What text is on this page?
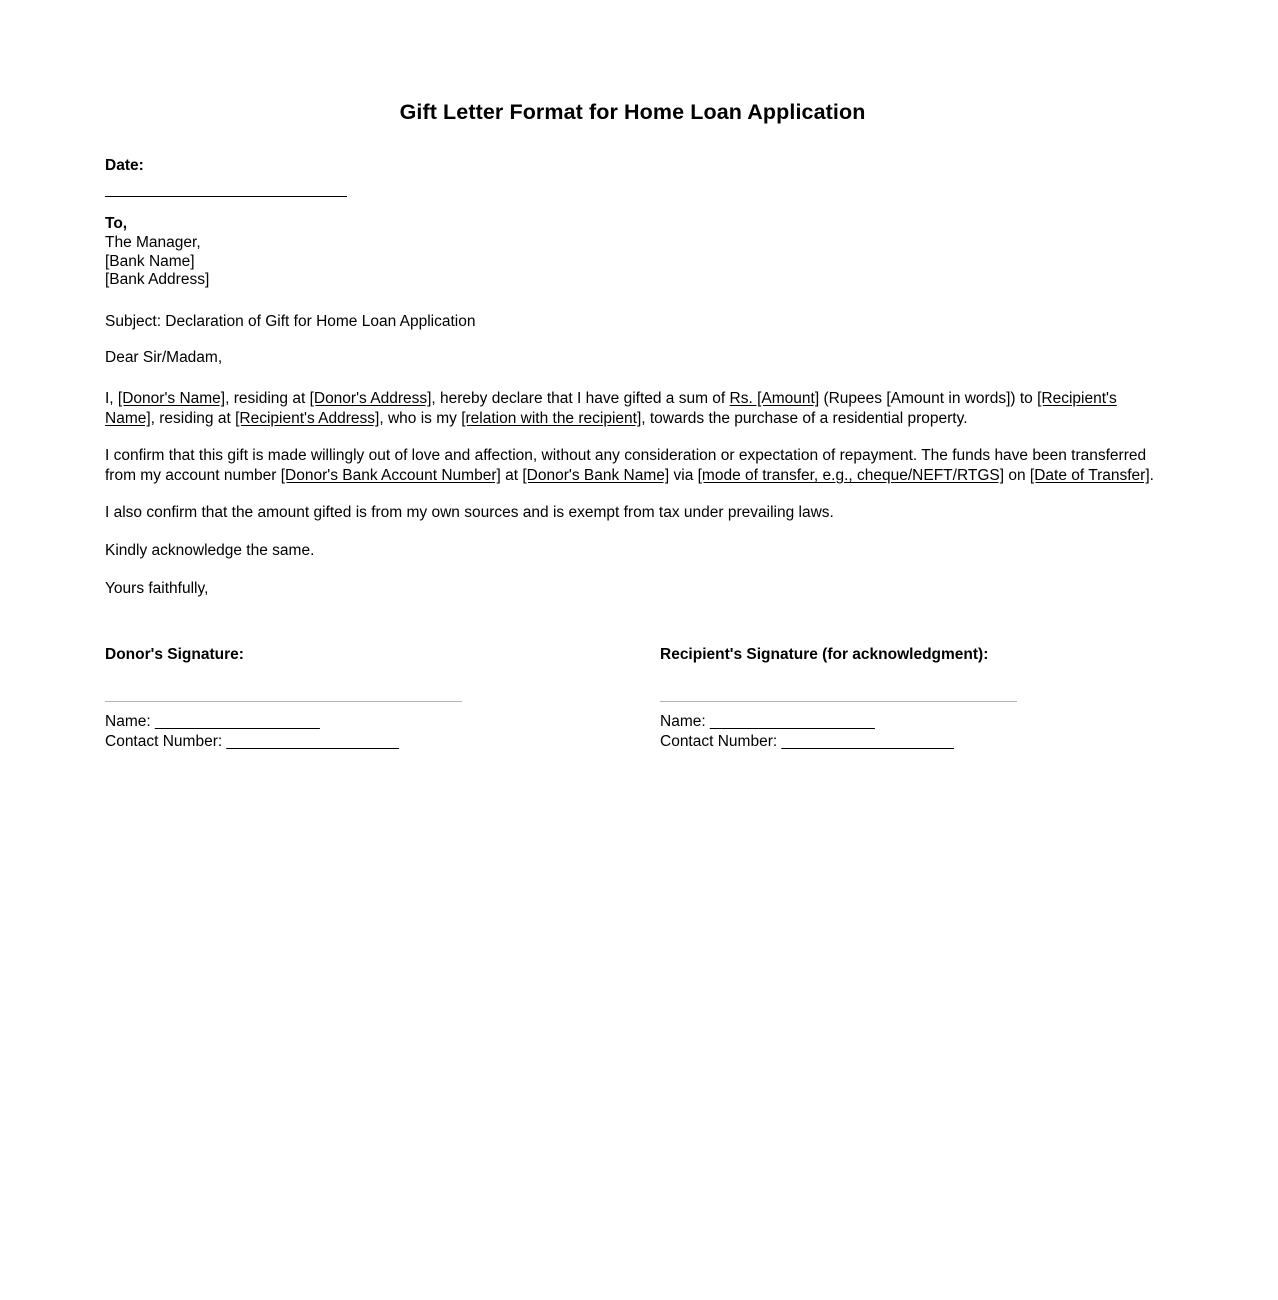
Gift Letter Format for Home Loan Application

Date:

To,
The Manager,
[Bank Name]
[Bank Address]
Subject: Declaration of Gift for Home Loan Application
Dear Sir/Madam,

I, [Donor's Name], residing at [Donor's Address], hereby declare that I have gifted a sum of Rs. [Amount] (Rupees [Amount in words]) to [Recipient's Name], residing at [Recipient's Address], who is my [relation with the recipient], towards the purchase of a residential property.

I confirm that this gift is made willingly out of love and affection, without any consideration or expectation of repayment. The funds have been transferred from my account number [Donor's Bank Account Number] at [Donor's Bank Name] via [mode of transfer, e.g., cheque/NEFT/RTGS] on [Date of Transfer].

I also confirm that the amount gifted is from my own sources and is exempt from tax under prevailing laws.

Kindly acknowledge the same.

Yours faithfully,

Donor's Signature:
Name: ____________________
Contact Number: ____________________
Recipient's Signature (for acknowledgment):
Name: ____________________
Contact Number: ____________________
